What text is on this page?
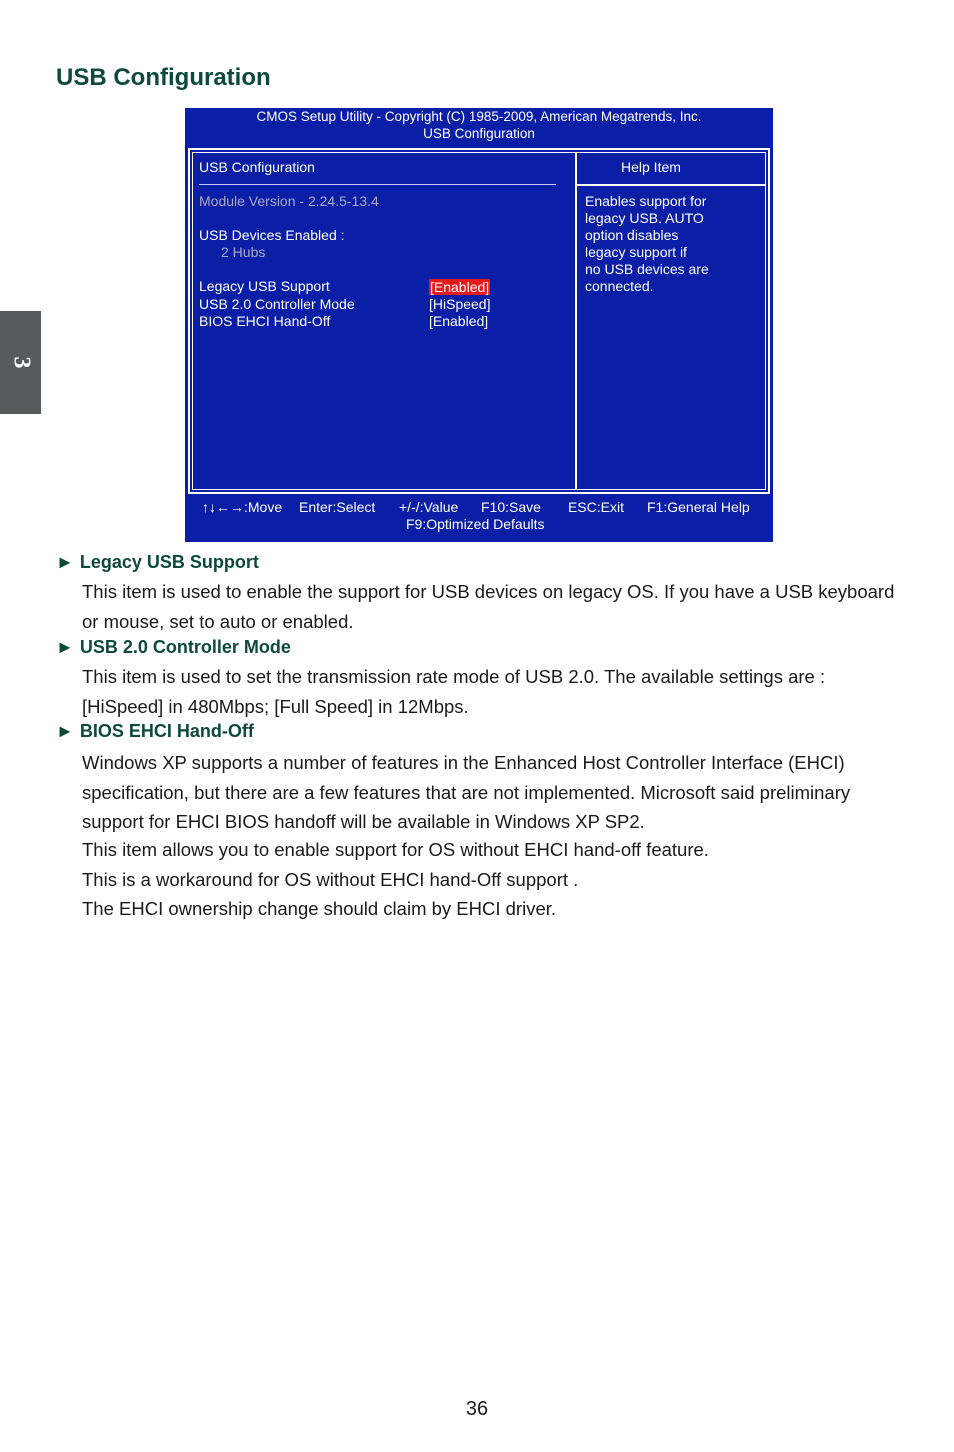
3
USB Configuration
CMOS Setup Utility - Copyright (C) 1985-2009, American Megatrends, Inc.
USB Configuration
USB Configuration
Module Version - 2.24.5-13.4
USB Devices Enabled :
2 Hubs
Legacy USB Support	[Enabled]
USB 2.0 Controller Mode	[HiSpeed]
BIOS EHCI Hand-Off	[Enabled]
Help Item
Enables support for
legacy USB. AUTO
option disables
legacy support if
no USB devices are
connected.
↑↓←→:Move Enter:Select +/-/:Value F10:Save ESC:Exit F1:General Help
F9:Optimized Defaults
► Legacy USB Support

This item is used to enable the support for USB devices on legacy OS. If you have a USB keyboard or mouse, set to auto or enabled.

► USB 2.0 Controller Mode

This item is used to set the transmission rate mode of USB 2.0. The available settings are : [HiSpeed] in 480Mbps; [Full Speed] in 12Mbps.

► BIOS EHCI Hand-Off

Windows XP supports a number of features in the Enhanced Host Controller Interface (EHCI) specification, but there are a few features that are not implemented. Microsoft said preliminary support for EHCI BIOS handoff will be available in Windows XP SP2.

This item allows you to enable support for OS without EHCI hand-off feature.

This is a workaround for OS without EHCI hand-Off support .

The EHCI ownership change should claim by EHCI driver.

36
